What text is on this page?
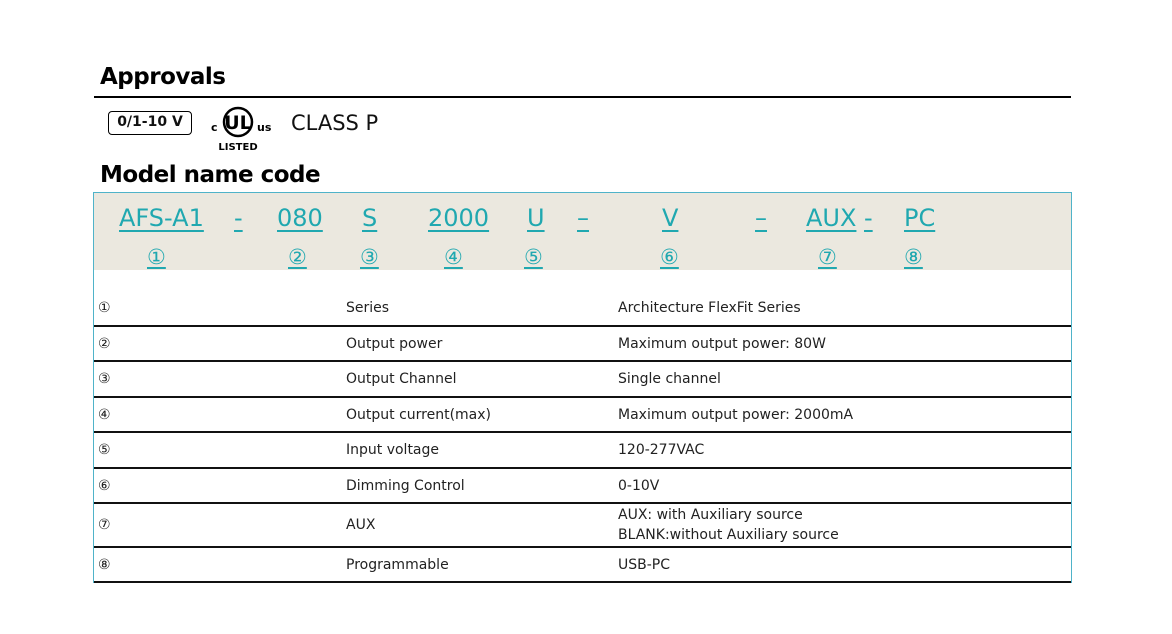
Approvals
0/1-10 V	c UL us
LISTED
CLASS P
Model name code
AFS-A1 - 080 S 2000 U –	V	– AUX - PC
①	②	③	④	⑤	⑥	⑦	⑧
①	Series	Architecture FlexFit Series
②	Output power	Maximum output power: 80W
③	Output Channel	Single channel
④	Output current(max)	Maximum output power: 2000mA
⑤	Input voltage	120-277VAC
⑥	Dimming Control	0-10V
⑦	AUX
AUX: with Auxiliary source
BLANK:without Auxiliary source
⑧	Programmable	USB-PC
